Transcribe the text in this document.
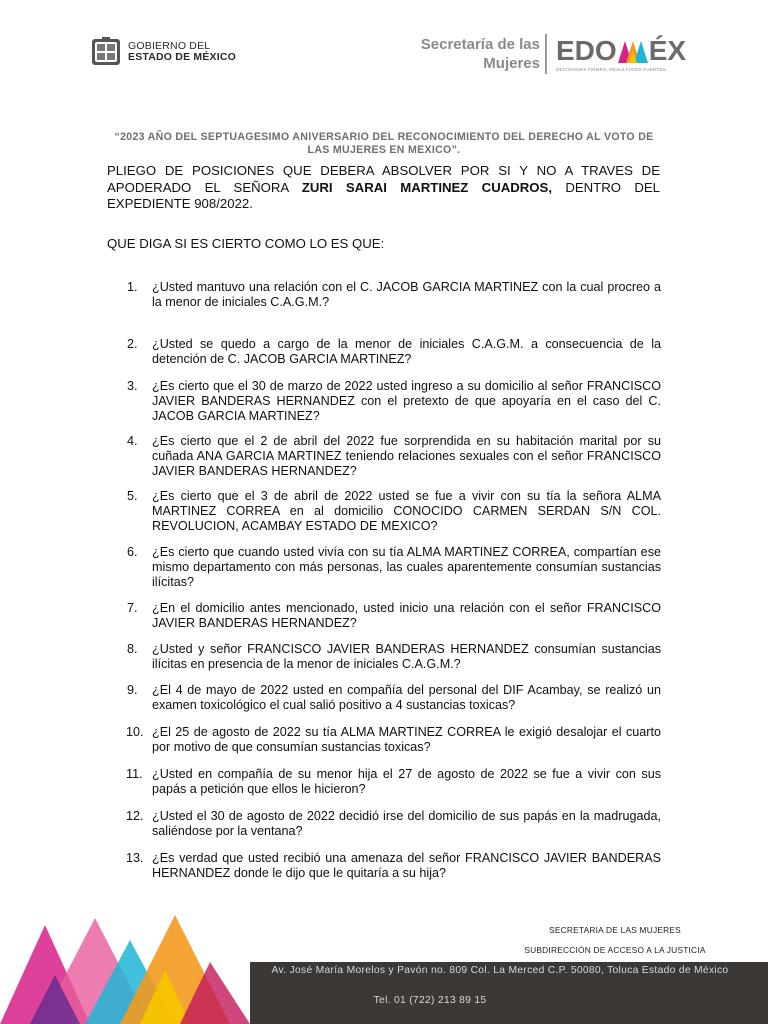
GOBIERNO DEL
ESTADO DE MÉXICO
Secretaría de las
Mujeres EDO ÉX
DECISIONES FIRMES, RESULTADOS FUERTES.
“2023 AÑO DEL SEPTUAGESIMO ANIVERSARIO DEL RECONOCIMIENTO DEL DERECHO AL VOTO DE LAS MUJERES EN MEXICO”.
PLIEGO DE POSICIONES QUE DEBERA ABSOLVER POR SI Y NO A TRAVES DE APODERADO EL SEÑORA ZURI SARAI MARTINEZ CUADROS, DENTRO DEL EXPEDIENTE 908/2022.
QUE DIGA SI ES CIERTO COMO LO ES QUE:
1.	¿Usted mantuvo una relación con el C. JACOB GARCIA MARTINEZ con la cual procreo a la menor de iniciales C.A.G.M.?
2.	¿Usted se quedo a cargo de la menor de iniciales C.A.G.M. a consecuencia de la detención de C. JACOB GARCIA MARTINEZ?
3.	¿Es cierto que el 30 de marzo de 2022 usted ingreso a su domicilio al señor FRANCISCO JAVIER BANDERAS HERNANDEZ con el pretexto de que apoyaría en el caso del C. JACOB GARCIA MARTINEZ?
4.	¿Es cierto que el 2 de abril del 2022 fue sorprendida en su habitación marital por su cuñada ANA GARCIA MARTINEZ teniendo relaciones sexuales con el señor FRANCISCO JAVIER BANDERAS HERNANDEZ?
5.	¿Es cierto que el 3 de abril de 2022 usted se fue a vivir con su tía la señora ALMA MARTINEZ CORREA en al domicilio CONOCIDO CARMEN SERDAN S/N COL. REVOLUCION, ACAMBAY ESTADO DE MEXICO?
6.	¿Es cierto que cuando usted vivía con su tía ALMA MARTINEZ CORREA, compartían ese mismo departamento con más personas, las cuales aparentemente consumían sustancias ilícitas?
7.	¿En el domicilio antes mencionado, usted inicio una relación con el señor FRANCISCO JAVIER BANDERAS HERNANDEZ?
8.	¿Usted y señor FRANCISCO JAVIER BANDERAS HERNANDEZ consumían sustancias ilícitas en presencia de la menor de iniciales C.A.G.M.?
9.	¿El 4 de mayo de 2022 usted en compañía del personal del DIF Acambay, se realizó un examen toxicológico el cual salió positivo a 4 sustancias toxicas?
10. ¿El 25 de agosto de 2022 su tía ALMA MARTINEZ CORREA le exigió desalojar el cuarto por motivo de que consumían sustancias toxicas?
11. ¿Usted en compañía de su menor hija el 27 de agosto de 2022 se fue a vivir con sus papás a petición que ellos le hicieron?
12. ¿Usted el 30 de agosto de 2022 decidió irse del domicilio de sus papás en la madrugada, saliéndose por la ventana?
13. ¿Es verdad que usted recibió una amenaza del señor FRANCISCO JAVIER BANDERAS HERNANDEZ donde le dijo que le quitaría a su hija?
SECRETARIA DE LAS MUJERES
SUBDIRECCIÓN DE ACCESO A LA JUSTICIA
Av. José María Morelos y Pavón no. 809 Col. La Merced C.P. 50080, Toluca Estado de México
Tel. 01 (722) 213 89 15
